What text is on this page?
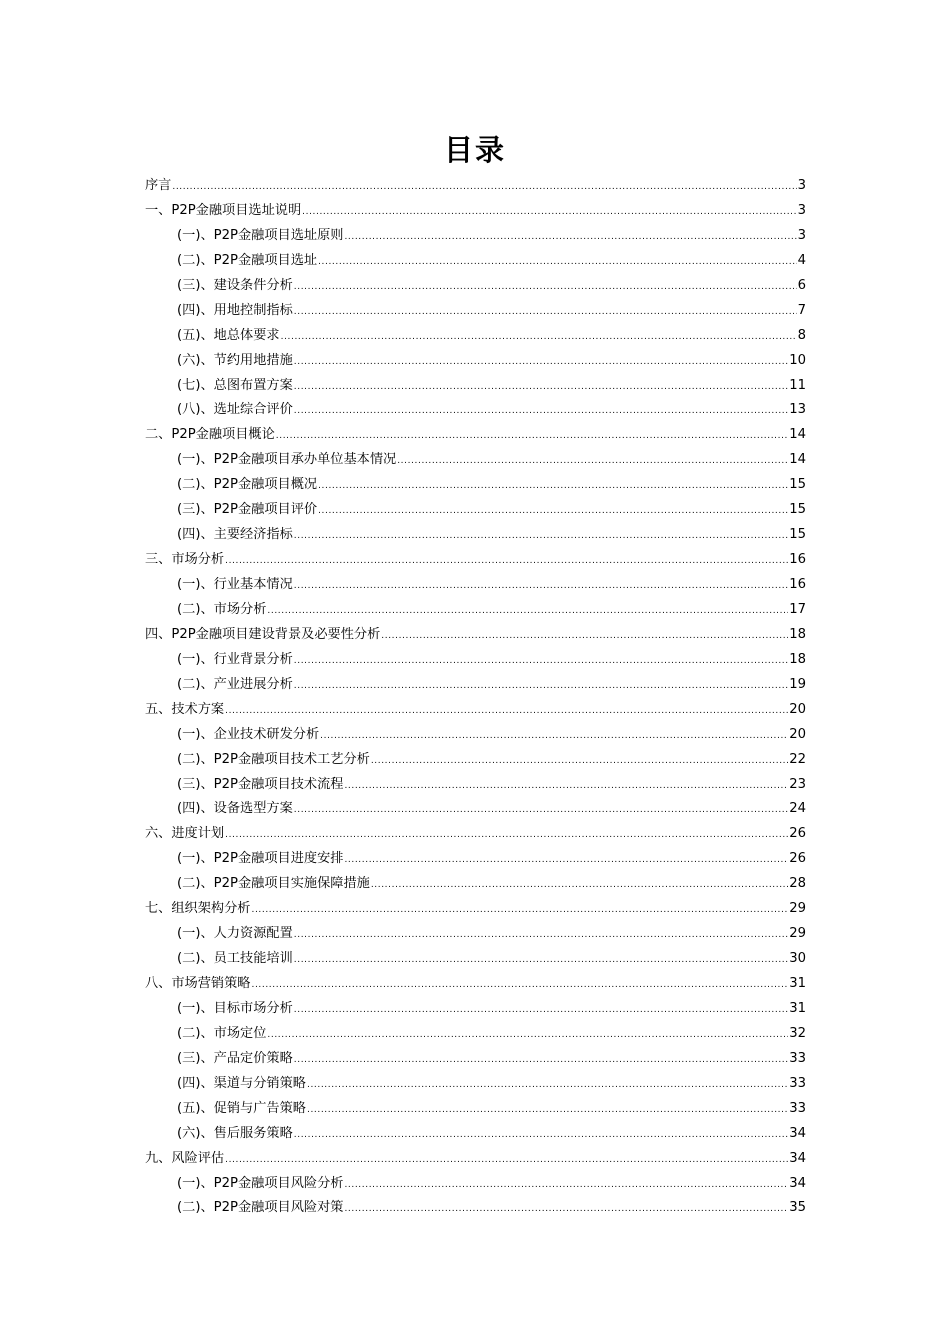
目录
序言 .....	3
一、P2P金融项目选址说明 .....	3
(一)、P2P金融项目选址原则 .....	3
(二)、P2P金融项目选址 .....	4
(三)、建设条件分析 .....	6
(四)、用地控制指标 .....	7
(五)、地总体要求 .....	8
(六)、节约用地措施 .....	10
(七)、总图布置方案 .....	11
(八)、选址综合评价 .....	13
二、P2P金融项目概论 .....	14
(一)、P2P金融项目承办单位基本情况 .....	14
(二)、P2P金融项目概况 .....	15
(三)、P2P金融项目评价 .....	15
(四)、主要经济指标 .....	15
三、市场分析 .....	16
(一)、行业基本情况 .....	16
(二)、市场分析 .....	17
四、P2P金融项目建设背景及必要性分析 .....	18
(一)、行业背景分析 .....	18
(二)、产业进展分析 .....	19
五、技术方案 .....	20
(一)、企业技术研发分析 .....	20
(二)、P2P金融项目技术工艺分析 .....	22
(三)、P2P金融项目技术流程 .....	23
(四)、设备选型方案 .....	24
六、进度计划 .....	26
(一)、P2P金融项目进度安排 .....	26
(二)、P2P金融项目实施保障措施 .....	28
七、组织架构分析 .....	29
(一)、人力资源配置 .....	29
(二)、员工技能培训 .....	30
八、市场营销策略 .....	31
(一)、目标市场分析 .....	31
(二)、市场定位 .....	32
(三)、产品定价策略 .....	33
(四)、渠道与分销策略 .....	33
(五)、促销与广告策略 .....	33
(六)、售后服务策略 .....	34
九、风险评估 .....	34
(一)、P2P金融项目风险分析 .....	34
(二)、P2P金融项目风险对策 .....	35
